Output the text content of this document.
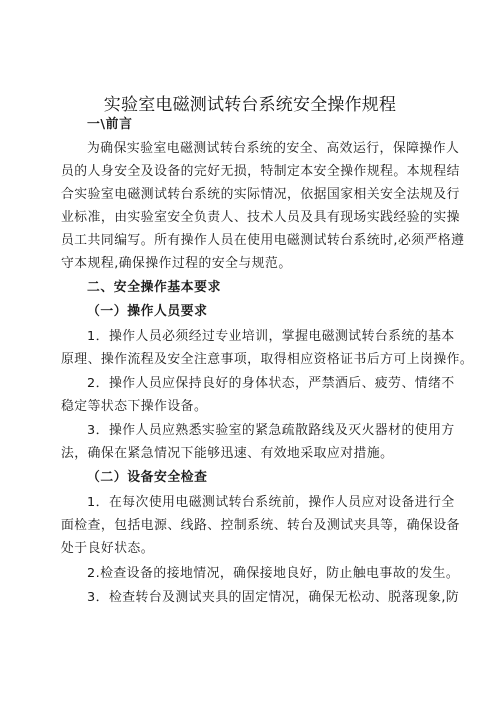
实验室电磁测试转台系统安全操作规程
一\前言
为确保实验室电磁测试转台系统的安全、高效运行，保障操作人
员的人身安全及设备的完好无损，特制定本安全操作规程。本规程结
合实验室电磁测试转台系统的实际情况，依据国家相关安全法规及行
业标准，由实验室安全负责人、技术人员及具有现场实践经验的实操
员工共同编写。所有操作人员在使用电磁测试转台系统时,必须严格遵
守本规程,确保操作过程的安全与规范。
二、安全操作基本要求
（一）操作人员要求
1．操作人员必须经过专业培训，掌握电磁测试转台系统的基本
原理、操作流程及安全注意事项，取得相应资格证书后方可上岗操作。
2．操作人员应保持良好的身体状态，严禁酒后、疲劳、情绪不
稳定等状态下操作设备。
3．操作人员应熟悉实验室的紧急疏散路线及灭火器材的使用方
法，确保在紧急情况下能够迅速、有效地采取应对措施。
（二）设备安全检查
1．在每次使用电磁测试转台系统前，操作人员应对设备进行全
面检查，包括电源、线路、控制系统、转台及测试夹具等，确保设备
处于良好状态。
2.检查设备的接地情况，确保接地良好，防止触电事故的发生。
3．检查转台及测试夹具的固定情况，确保无松动、脱落现象,防
